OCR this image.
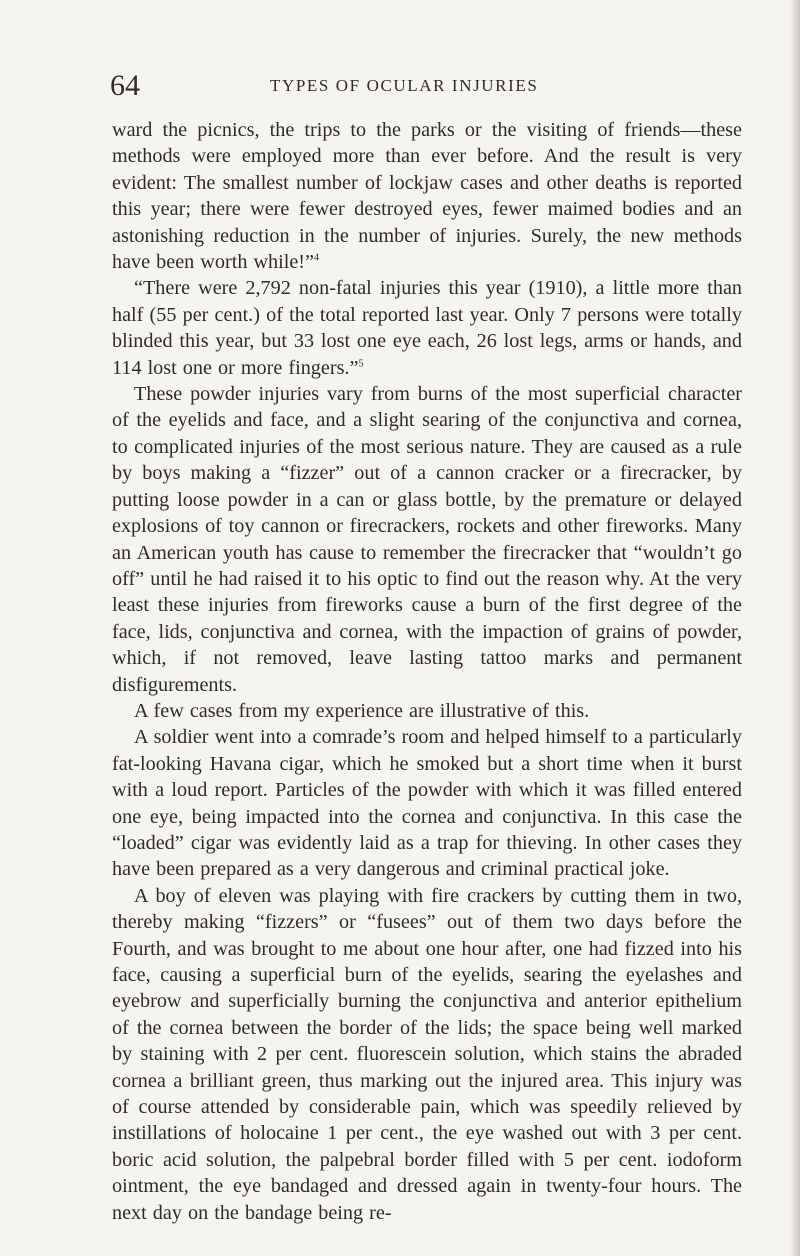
64	TYPES OF OCULAR INJURIES

ward the picnics, the trips to the parks or the visiting of friends—these methods were employed more than ever before. And the result is very evident: The smallest number of lockjaw cases and other deaths is reported this year; there were fewer destroyed eyes, fewer maimed bodies and an astonishing reduction in the number of injuries. Surely, the new methods have been worth while!”$^4$

“There were 2,792 non-fatal injuries this year (1910), a little more than half (55 per cent.) of the total reported last year. Only 7 persons were totally blinded this year, but 33 lost one eye each, 26 lost legs, arms or hands, and 114 lost one or more fingers.”$^5$

These powder injuries vary from burns of the most superficial character of the eyelids and face, and a slight searing of the conjunctiva and cornea, to complicated injuries of the most serious nature. They are caused as a rule by boys making a “fizzer” out of a cannon cracker or a firecracker, by putting loose powder in a can or glass bottle, by the premature or delayed explosions of toy cannon or firecrackers, rockets and other fireworks. Many an American youth has cause to remember the firecracker that “wouldn’t go off” until he had raised it to his optic to find out the reason why. At the very least these injuries from fireworks cause a burn of the first degree of the face, lids, conjunctiva and cornea, with the impaction of grains of powder, which, if not removed, leave lasting tattoo marks and permanent disfigurements.

A few cases from my experience are illustrative of this.

A soldier went into a comrade’s room and helped himself to a particularly fat-looking Havana cigar, which he smoked but a short time when it burst with a loud report. Particles of the powder with which it was filled entered one eye, being impacted into the cornea and conjunctiva. In this case the “loaded” cigar was evidently laid as a trap for thieving. In other cases they have been prepared as a very dangerous and criminal practical joke.

A boy of eleven was playing with fire crackers by cutting them in two, thereby making “fizzers” or “fusees” out of them two days before the Fourth, and was brought to me about one hour after, one had fizzed into his face, causing a superficial burn of the eyelids, searing the eyelashes and eyebrow and superficially burning the conjunctiva and anterior epithelium of the cornea between the border of the lids; the space being well marked by staining with 2 per cent. fluorescein solution, which stains the abraded cornea a brilliant green, thus marking out the injured area. This injury was of course attended by considerable pain, which was speedily relieved by instillations of holocaine 1 per cent., the eye washed out with 3 per cent. boric acid solution, the palpebral border filled with 5 per cent. iodoform ointment, the eye bandaged and dressed again in twenty-four hours. The next day on the bandage being re-
